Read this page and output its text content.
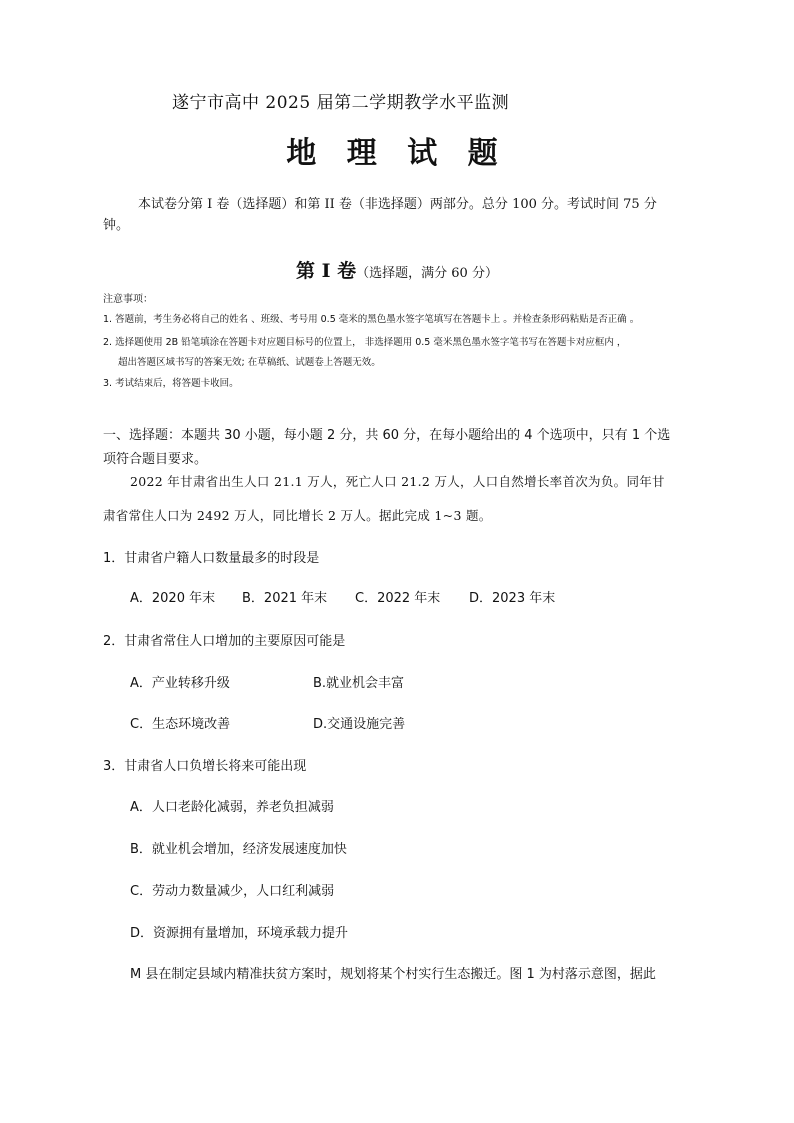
遂宁市高中 2025 届第二学期教学水平监测
地 理 试 题
本试卷分第 I 卷（选择题）和第 II 卷（非选择题）两部分。总分 100 分。考试时间 75 分
钟。
第 Ⅰ 卷（选择题，满分 60 分）
注意事项：
1. 答题前，考生务必将自己的姓名 、班级、考号用 0.5 毫米的黑色墨水签字笔填写在答题卡上 。并检查条形码粘贴是否正确 。
2. 选择题使用 2B 铅笔填涂在答题卡对应题目标号的位置上， 非选择题用 0.5 毫米黑色墨水签字笔书写在答题卡对应框内 ，
超出答题区域书写的答案无效; 在草稿纸、试题卷上答题无效。
3. 考试结束后，将答题卡收回。
一、选择题：本题共 30 小题，每小题 2 分，共 60 分，在每小题给出的 4 个选项中，只有 1 个选
项符合题目要求。
2022 年甘肃省出生人口 21.1 万人，死亡人口 21.2 万人，人口自然增长率首次为负。同年甘
肃省常住人口为 2492 万人，同比增长 2 万人。据此完成 1~3 题。
1．甘肃省户籍人口数量最多的时段是
A．2020 年末 B．2021 年末 C．2022 年末 D．2023 年末
2．甘肃省常住人口增加的主要原因可能是
A．产业转移升级	B.就业机会丰富
C．生态环境改善	D.交通设施完善
3．甘肃省人口负增长将来可能出现
A．人口老龄化减弱，养老负担减弱
B．就业机会增加，经济发展速度加快
C．劳动力数量减少，人口红利减弱
D．资源拥有量增加，环境承载力提升
M 县在制定县域内精准扶贫方案时，规划将某个村实行生态搬迁。图 1 为村落示意图，据此
